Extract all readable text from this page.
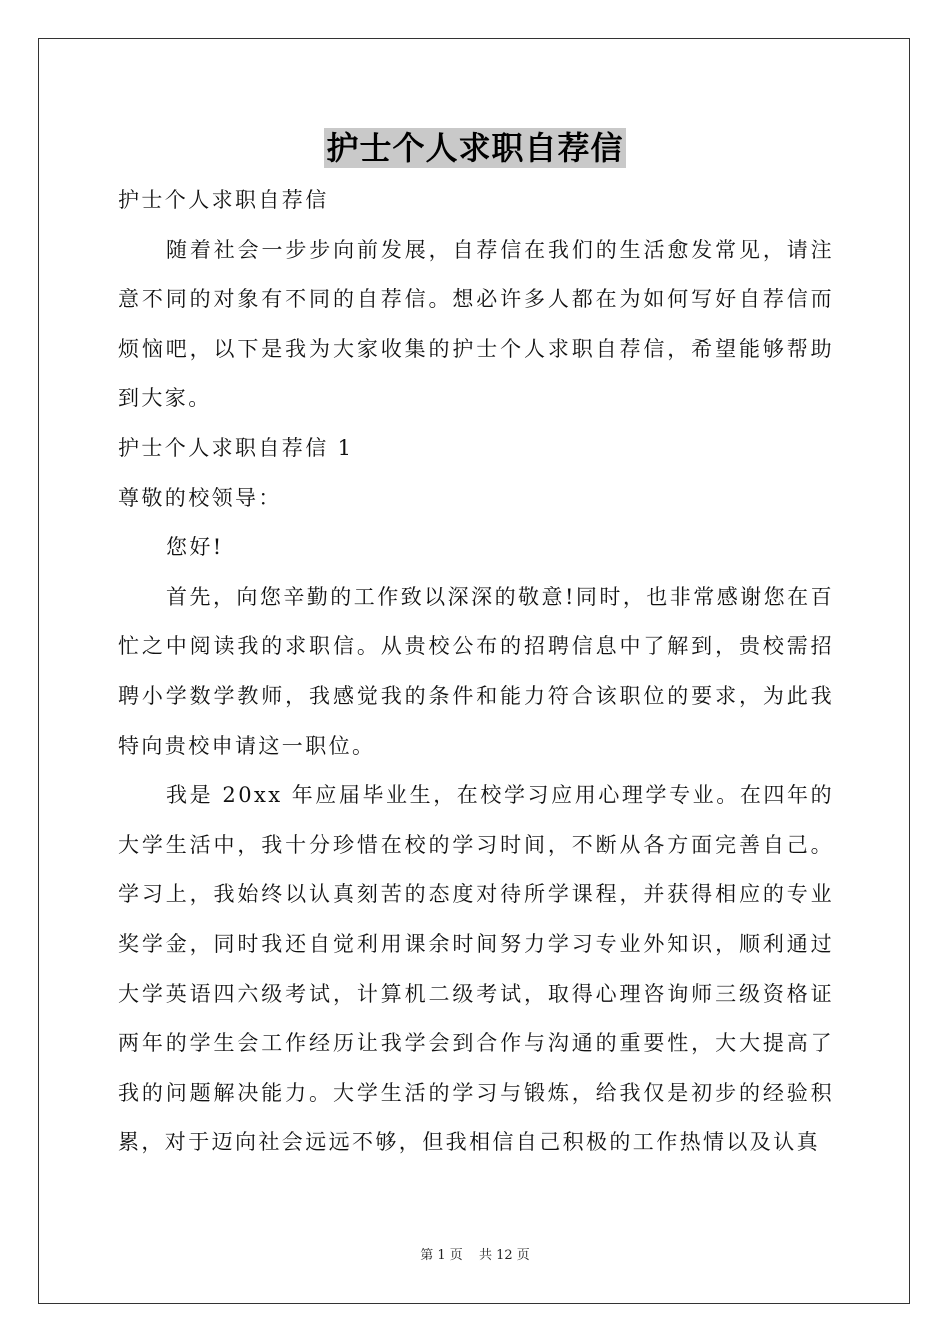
护士个人求职自荐信

护士个人求职自荐信

随着社会一步步向前发展，自荐信在我们的生活愈发常见，请注意不同的对象有不同的自荐信。想必许多人都在为如何写好自荐信而烦恼吧，以下是我为大家收集的护士个人求职自荐信，希望能够帮助到大家。

护士个人求职自荐信 1

尊敬的校领导：

您好!

首先，向您辛勤的工作致以深深的敬意!同时，也非常感谢您在百忙之中阅读我的求职信。从贵校公布的招聘信息中了解到，贵校需招聘小学数学教师，我感觉我的条件和能力符合该职位的要求，为此我特向贵校申请这一职位。

我是 20xx 年应届毕业生，在校学习应用心理学专业。在四年的大学生活中，我十分珍惜在校的学习时间，不断从各方面完善自己。学习上，我始终以认真刻苦的态度对待所学课程，并获得相应的专业奖学金，同时我还自觉利用课余时间努力学习专业外知识，顺利通过大学英语四六级考试，计算机二级考试，取得心理咨询师三级资格证两年的学生会工作经历让我学会到合作与沟通的重要性，大大提高了我的问题解决能力。大学生活的学习与锻炼，给我仅是初步的经验积累，对于迈向社会远远不够，但我相信自己积极的工作热情以及认真

第 1 页 共 12 页
